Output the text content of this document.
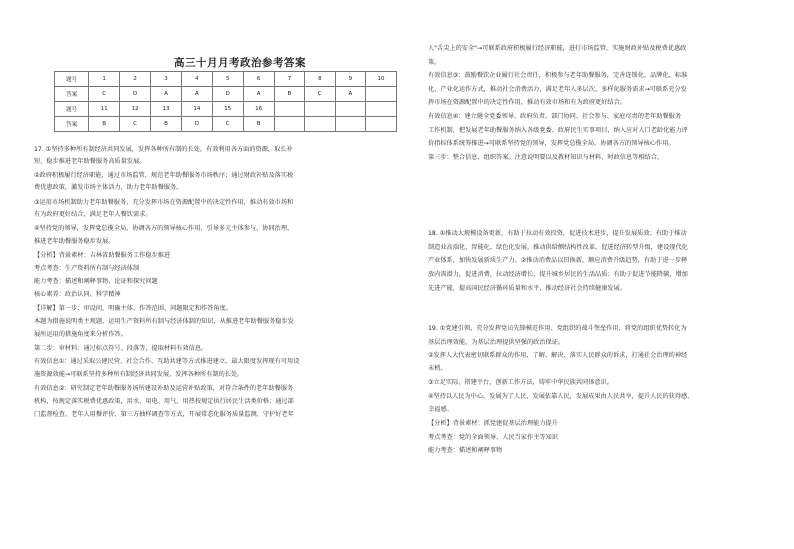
高三十月月考政治参考答案
题号	1	2	3	4	5	6	7	8	9	10
答案	C	D	A	A	D	A	B	C	A	
题号	11	12	13	14	15	16				
答案	B	C	B	D	C	B				
17. ①坚持多种所有制经济共同发展，发挥各种所有制的长处，有效利用各方面的资源，取长补
短，稳步推进老年助餐服务高质量发展。
②政府积极履行经济职能，通过市场监管，规范老年助餐服务市场秩序；通过财政补贴及落实税
费优惠政策，激发市场主体活力，助力老年助餐服务。
③运用市场机制助力老年助餐服务，充分发挥市场在资源配置中的决定性作用，推动有效市场和
有为政府更好结合，满足老年人餐饮需求。
④坚持党的领导，发挥党总揽全局、协调各方的领导核心作用，引导多元主体参与，协同治理，
推进老年助餐服务稳步发展。
【分析】背景素材：吉林省助餐服务工作稳步推进
考点考查：生产资料所有制与经济体制
能力考查：描述和阐释事物、论证和探究问题
核心素养：政治认同、科学精神
【详解】第一步：审设问，明确主体、作答范围、问题限定和作答角度。
本题为措施说明类主观题，运用生产资料所有制与经济体制的知识，从推进老年助餐服务稳步发
展所运用的措施角度来分析作答。
第二步：审材料：通过标点符号、段落等，提取材料有效信息。
有效信息①：通过采取公建民营、社会合作、互助共建等方式推进建立，最大限度发挥现有可用设
施资源效能→可联系坚持多种所有制经济共同发展，发挥各种所有制的长处。
有效信息②：研究制定老年助餐服务场所建设补助及运营补贴政策，对符合条件的老年助餐服务
机构，按规定落实税费优惠政策，用水、用电、用气、用热按规定执行居民生活类价格；通过部
门监督检查、老年人用餐评价、第三方抽样调查等方式，开展常态化服务质量监测，守护好老年
人"舌尖上的安全"→可联系政府积极履行经济职能，进行市场监管，实施财政补贴及税费优惠政
策。
有效信息③：鼓励餐饮企业履行社会责任，积极参与老年助餐服务，完善连锁化、品牌化、标准
化、产业化运作方式，推动社会消费活力，满足老年人多层次、多样化服务需求→可联系充分发
挥市场在资源配置中的决定性作用，推动有效市场和有为政府更好结合。
有效信息④：建立健全党委领导、政府负责、部门协同、社会参与、家庭尽责的老年助餐服务
工作机制，把发展老年助餐服务纳入各级党委、政府民生实事项目，纳入应对人口老龄化能力评
价指标体系统筹推进→可联系坚持党的领导，发挥党总揽全局、协调各方的领导核心作用。
第三步：整合信息，组织答案。注意说明要以及教材知识与材料、时政信息等相结合。
18. ①推动大规模设备更新，有助于拉动有效投资，促进技术进步，提升发展质效；有助于推动
制造业高端化、智能化、绿色化发展，推动供给侧结构性改革，促进经济转型升级，建设现代化
产业体系，加快发展新质生产力。②推动消费品以旧换新，顺应消费升级趋势，有助于进一步释
放内需潜力，促进消费，拉动经济增长，提升城乡居民的生活品质；有助于促进节能降碳，增加
先进产能，提高国民经济循环质量和水平，推动经济社会持续健康发展。
19. ①党建引领，充分发挥党员先锋模范作用、党组织的战斗堡垒作用，将党的组织优势转化为
基层治理效能，为基层治理提供坚强的政治保证。
②发挥人大代表密切联系群众的作用，了解、解决、落实人民群众的诉求，打通社会治理的神经
末梢。
③立足实际，搭建平台，创新工作方法，铸牢中华民族共同体意识。
④坚持以人民为中心，发展为了人民，发展依靠人民，发展成果由人民共享，提升人民的获得感、
幸福感。
【分析】背景素材：抓党建促基层治理能力提升
考点考查：党的全面领导、人民当家作主等知识
能力考查：描述和阐释事物
